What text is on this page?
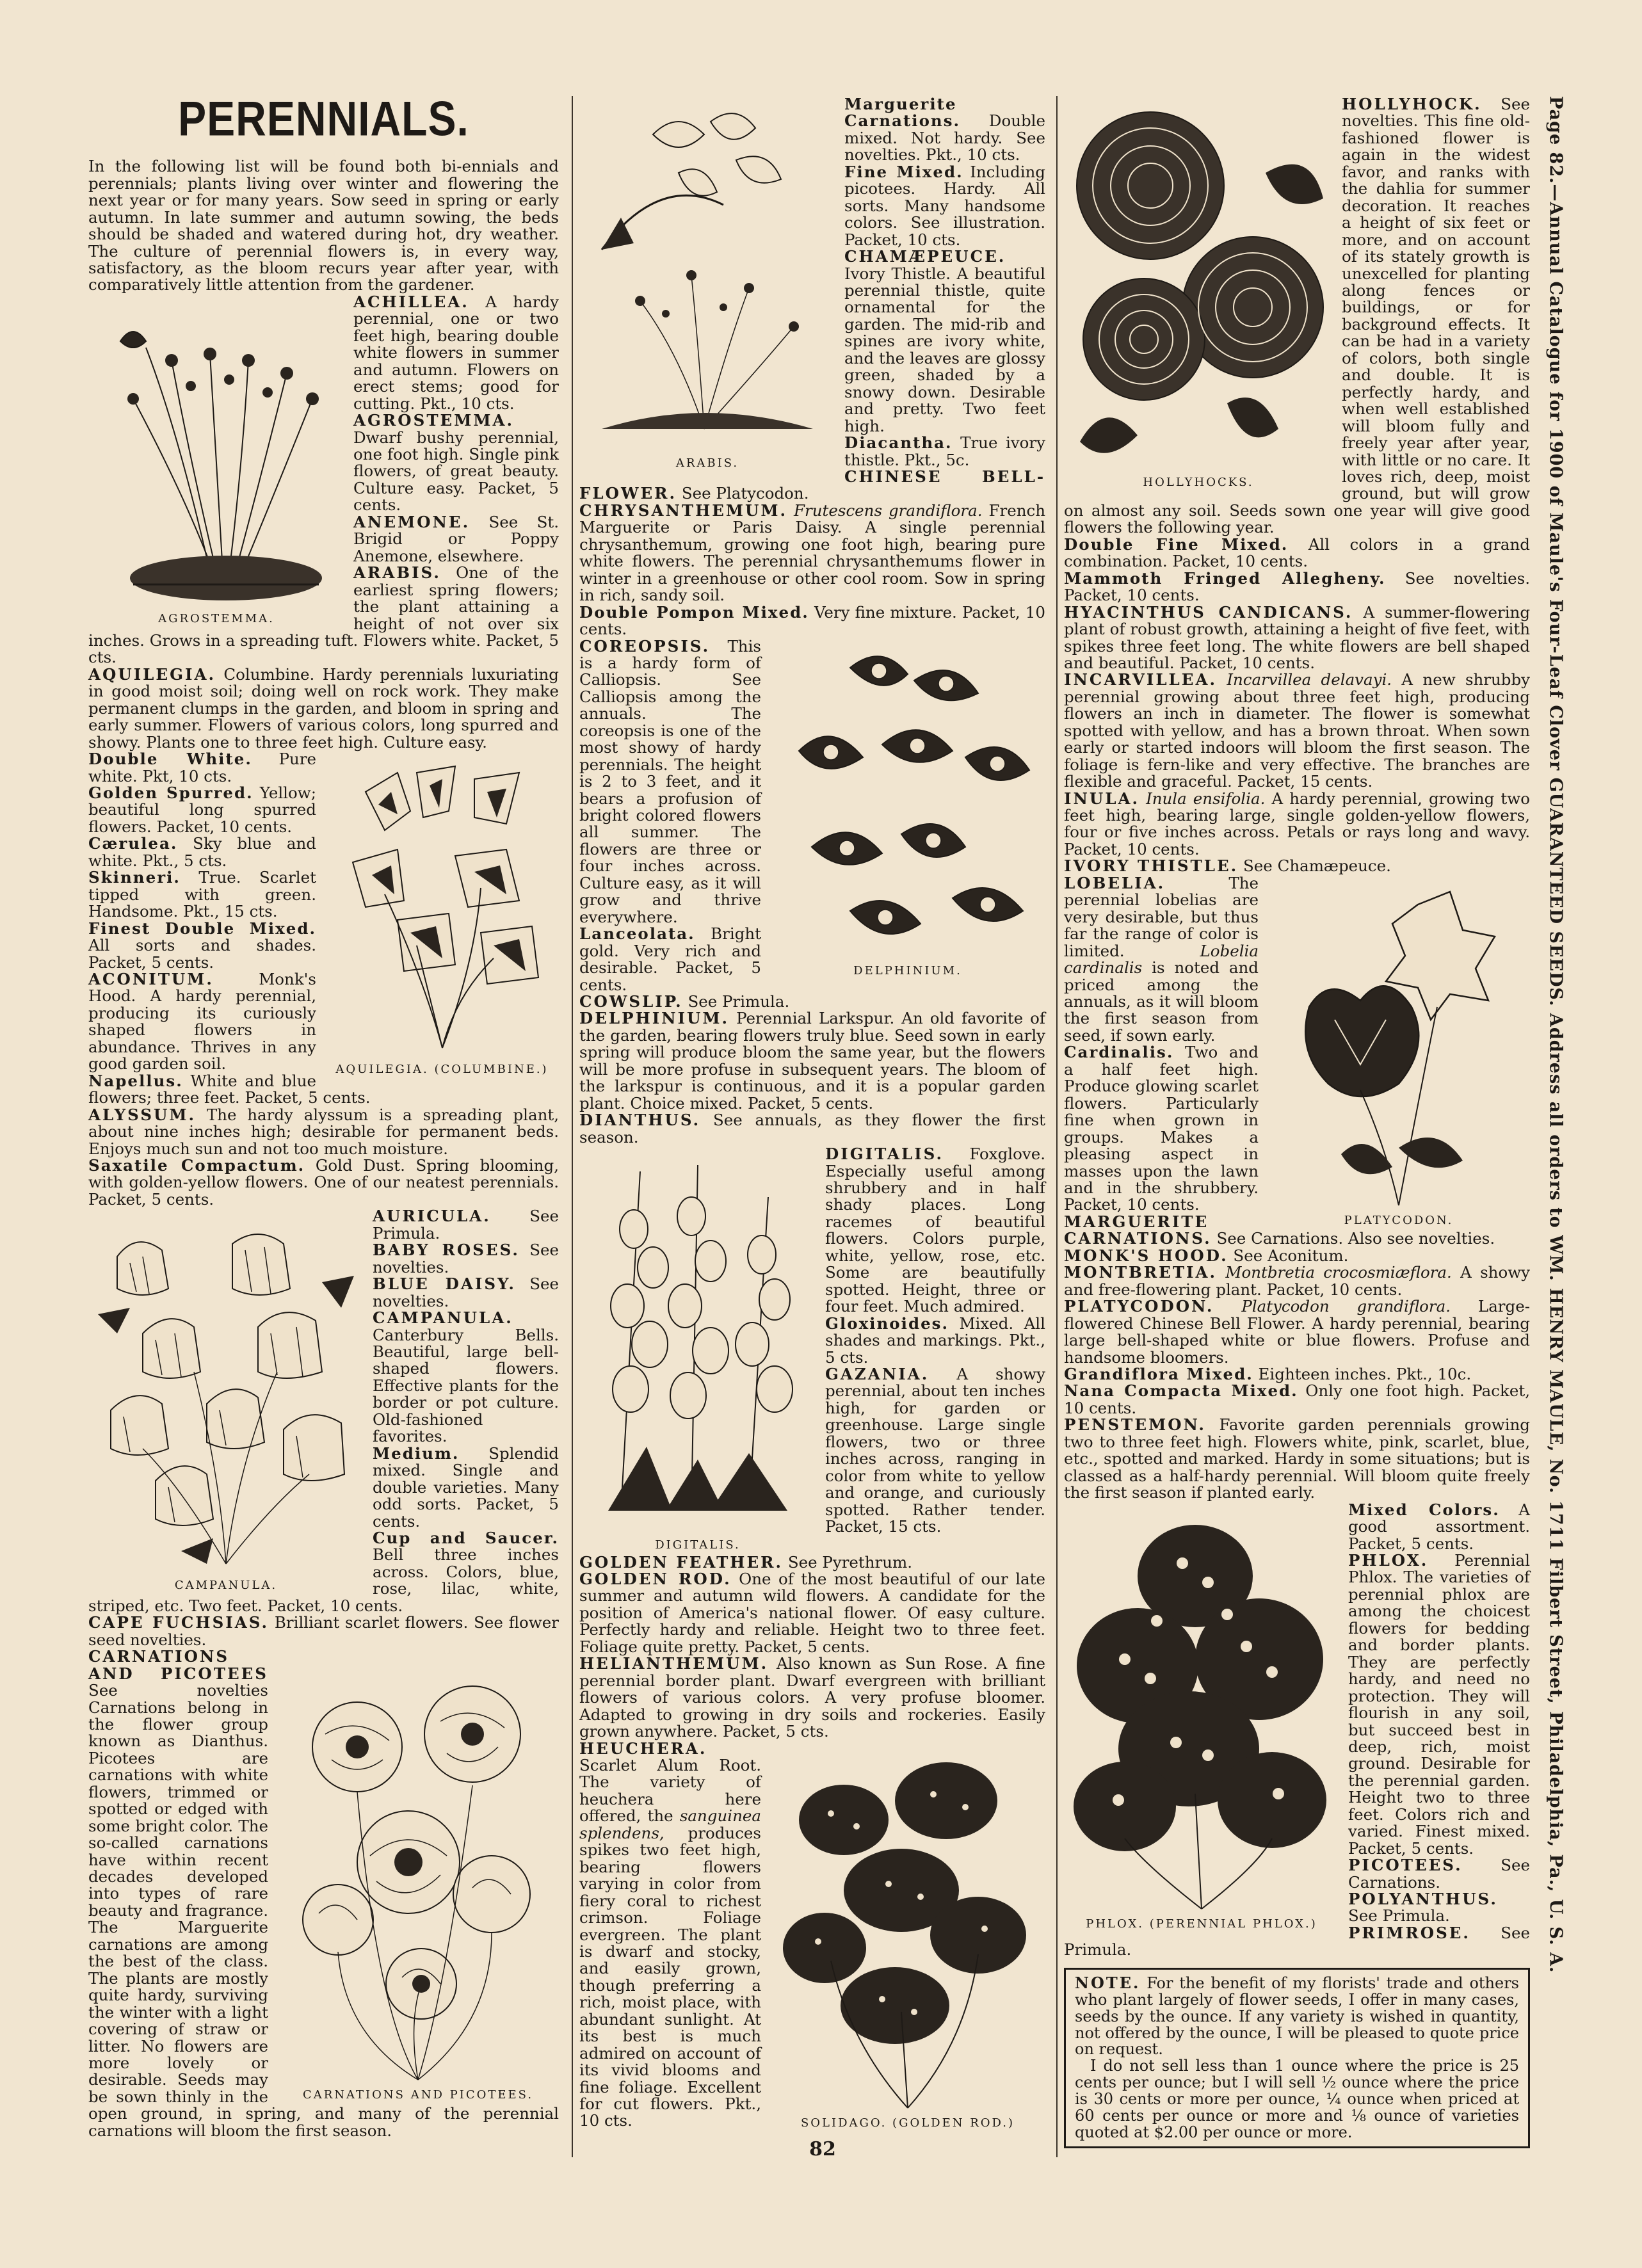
PERENNIALS.

In the following list will be found both bi-ennials and perennials; plants living over winter and flowering the next year or for many years. Sow seed in spring or early autumn. In late summer and autumn sowing, the beds should be shaded and watered during hot, dry weather. The culture of perennial flowers is, in every way, satisfactory, as the bloom recurs year after year, with comparatively little attention from the gardener.

AGROSTEMMA.

ACHILLEA. A hardy perennial, one or two feet high, bearing double white flowers in summer and autumn. Flowers on erect stems; good for cutting. Pkt., 10 cts.

AGROSTEMMA. Dwarf bushy perennial, one foot high. Single pink flowers, of great beauty. Culture easy. Packet, 5 cents.

ANEMONE. See St. Brigid or Poppy Anemone, elsewhere.

ARABIS. One of the earliest spring flowers; the plant attaining a height of not over six inches. Grows in a spreading tuft. Flowers white. Packet, 5 cts.

AQUILEGIA. Columbine. Hardy perennials luxuriating in good moist soil; doing well on rock work. They make permanent clumps in the garden, and bloom in spring and early summer. Flowers of various colors, long spurred and showy. Plants one to three feet high. Culture easy.

AQUILEGIA. (COLUMBINE.)

Double White. Pure white. Pkt, 10 cts.

Golden Spurred. Yellow; beautiful long spurred flowers. Packet, 10 cents.

Cærulea. Sky blue and white. Pkt., 5 cts.

Skinneri. True. Scarlet tipped with green. Handsome. Pkt., 15 cts.

Finest Double Mixed. All sorts and shades. Packet, 5 cents.

ACONITUM.	Monk's Hood. A hardy perennial, producing its curiously shaped flowers in abundance. Thrives in any good garden soil.

Napellus. White and blue flowers; three feet. Packet, 5 cents.

ALYSSUM. The hardy alyssum is a spreading plant, about nine inches high; desirable for permanent beds. Enjoys much sun and not too much moisture.

Saxatile Compactum. Gold Dust. Spring blooming, with golden-yellow flowers. One of our neatest perennials. Packet, 5 cents.

CAMPANULA.

AURICULA. See Primula.

BABY ROSES. See novelties.

BLUE DAISY. See novelties.

CAMPANULA. Canterbury Bells. Beautiful, large bell-shaped flowers. Effective plants for the border or pot culture. Old-fashioned favorites.

Medium. Splendid mixed. Single and double varieties. Many odd sorts. Packet, 5 cents.

Cup and Saucer. Bell three inches across. Colors, blue, rose, lilac, white, striped, etc. Two feet. Packet, 10 cents.

CAPE FUCHSIAS. Brilliant scarlet flowers. See flower seed novelties.

CARNATIONS AND PICOTEES.

CARNATIONS AND PICOTEES See novelties Carnations belong in the flower group known as Dianthus. Picotees are carnations with white flowers, trimmed or spotted or edged with some bright color. The so-called carnations have within recent decades developed into types of rare beauty and fragrance. The Marguerite carnations are among the best of the class. The plants are mostly quite hardy, surviving the winter with a light covering of straw or litter. No flowers are more lovely or desirable. Seeds may be sown thinly in the open ground, in spring, and many of the perennial carnations will bloom the first season.

ARABIS.

Marguerite Carnations. Double mixed. Not hardy. See novelties. Pkt., 10 cts.

Fine Mixed. Including picotees. Hardy. All sorts. Many handsome colors. See illustration. Packet, 10 cts.

CHAMÆPEUCE. Ivory Thistle. A beautiful perennial thistle, quite ornamental for the garden. The mid-rib and spines are ivory white, and the leaves are glossy green, shaded by a snowy down. Desirable and pretty. Two feet high.

Diacantha. True ivory thistle. Pkt., 5c.

CHINESE BELL-FLOWER. See Platycodon.

CHRYSANTHEMUM. Frutescens grandiflora. French Marguerite or Paris Daisy. A single perennial chrysanthemum, growing one foot high, bearing pure white flowers. The perennial chrysanthemums flower in winter in a greenhouse or other cool room. Sow in spring in rich, sandy soil.

Double Pompon Mixed. Very fine mixture. Packet, 10 cents.

DELPHINIUM.

COREOPSIS. This is a hardy form of Calliopsis. See Calliopsis among the annuals. The coreopsis is one of the most showy of hardy perennials. The height is 2 to 3 feet, and it bears a profusion of bright colored flowers all summer. The flowers are three or four inches across. Culture easy, as it will grow and thrive everywhere.

Lanceolata. Bright gold. Very rich and desirable. Packet, 5 cents.

COWSLIP. See Primula.

DELPHINIUM. Perennial Larkspur. An old favorite of the garden, bearing flowers truly blue. Seed sown in early spring will produce bloom the same year, but the flowers will be more profuse in subsequent years. The bloom of the larkspur is continuous, and it is a popular garden plant. Choice mixed. Packet, 5 cents.

DIANTHUS. See annuals, as they flower the first season.

DIGITALIS.

DIGITALIS. Foxglove. Especially useful among shrubbery and in half shady places. Long racemes of beautiful flowers. Colors purple, white, yellow, rose, etc. Some are beautifully spotted. Height, three or four feet. Much admired.

Gloxinoides. Mixed. All shades and markings. Pkt., 5 cts.

GAZANIA. A showy perennial, about ten inches high, for garden or greenhouse. Large single flowers, two or three inches across, ranging in color from white to yellow and orange, and curiously spotted. Rather tender. Packet, 15 cts.

GOLDEN FEATHER. See Pyrethrum.

GOLDEN ROD. One of the most beautiful of our late summer and autumn wild flowers. A candidate for the position of America's national flower. Of easy culture. Perfectly hardy and reliable. Height two to three feet. Foliage quite pretty. Packet, 5 cents.

HELIANTHEMUM. Also known as Sun Rose. A fine perennial border plant. Dwarf evergreen with brilliant flowers of various colors. A very profuse bloomer. Adapted to growing in dry soils and rockeries. Easily grown anywhere. Packet, 5 cts.

SOLIDAGO. (GOLDEN ROD.)

HEUCHERA. Scarlet Alum Root. The variety of heuchera here offered, the sanguinea splendens, produces spikes two feet high, bearing flowers varying in color from fiery coral to richest crimson. Foliage evergreen. The plant is dwarf and stocky, and easily grown, though preferring a rich, moist place, with abundant sunlight. At its best is much admired on account of its vivid blooms and fine foliage. Excellent for cut flowers. Pkt., 10 cts.

HOLLYHOCKS.

HOLLYHOCK. See novelties. This fine old-fashioned flower is again in the widest favor, and ranks with the dahlia for summer decoration. It reaches a height of six feet or more, and on account of its stately growth is unexcelled for planting along fences or buildings, or for background effects. It can be had in a variety of colors, both single and double. It is perfectly hardy, and when well established will bloom fully and freely year after year, with little or no care. It loves rich, deep, moist ground, but will grow on almost any soil. Seeds sown one year will give good flowers the following year.

Double Fine Mixed. All colors in a grand combination. Packet, 10 cents.

Mammoth Fringed Allegheny. See novelties. Packet, 10 cents.

HYACINTHUS CANDICANS. A summer-flowering plant of robust growth, attaining a height of five feet, with spikes three feet long. The white flowers are bell shaped and beautiful. Packet, 10 cents.

INCARVILLEA. Incarvillea delavayi. A new shrubby perennial growing about three feet high, producing flowers an inch in diameter. The flower is somewhat spotted with yellow, and has a brown throat. When sown early or started indoors will bloom the first season. The foliage is fern-like and very effective. The branches are flexible and graceful. Packet, 15 cents.

INULA. Inula ensifolia. A hardy perennial, growing two feet high, bearing large, single golden-yellow flowers, four or five inches across. Petals or rays long and wavy. Packet, 10 cents.

IVORY THISTLE. See Chamæpeuce.

PLATYCODON.

LOBELIA.	The perennial lobelias are very desirable, but thus far the range of color is limited.	Lobelia cardinalis is noted and priced among the annuals, as it will bloom the first season from seed, if sown early.

Cardinalis. Two and a half feet high. Produce glowing scarlet flowers. Particularly fine when grown in groups. Makes a pleasing aspect in masses upon the lawn and in the shrubbery. Packet, 10 cents.

MARGUERITE CARNATIONS. See Carnations. Also see novelties.

MONK'S HOOD. See Aconitum.

MONTBRETIA. Montbretia crocosmiæflora. A showy and free-flowering plant. Packet, 10 cents.

PLATYCODON. Platycodon grandiflora. Large-flowered Chinese Bell Flower. A hardy perennial, bearing large bell-shaped white or blue flowers. Profuse and handsome bloomers.

Grandiflora Mixed. Eighteen inches. Pkt., 10c.

Nana Compacta Mixed. Only one foot high. Packet, 10 cents.

PENSTEMON. Favorite garden perennials growing two to three feet high. Flowers white, pink, scarlet, blue, etc., spotted and marked. Hardy in some situations; but is classed as a half-hardy perennial. Will bloom quite freely the first season if planted early.

PHLOX. (PERENNIAL PHLOX.)

Mixed Colors. A good assortment. Packet, 5 cents.

PHLOX. Perennial Phlox. The varieties of perennial phlox are among the choicest flowers for bedding and border plants. They are perfectly hardy, and need no protection. They will flourish in any soil, but succeed best in deep, rich, moist ground. Desirable for the perennial garden. Height two to three feet. Colors rich and varied. Finest mixed. Packet, 5 cents.

PICOTEES. See Carnations.

POLYANTHUS. See Primula.

PRIMROSE. See Primula.

NOTE. For the benefit of my florists' trade and others who plant largely of flower seeds, I offer in many cases, seeds by the ounce. If any variety is wished in quantity, not offered by the ounce, I will be pleased to quote price on request.

I do not sell less than 1 ounce where the price is 25 cents per ounce; but I will sell ½ ounce where the price is 30 cents or more per ounce, ¼ ounce when priced at 60 cents per ounce or more and ⅛ ounce of varieties quoted at $2.00 per ounce or more.

Page 82.—Annual Catalogue for 1900 of Maule's Four-Leaf Clover GUARANTEED SEEDS. Address all orders to WM. HENRY MAULE, No. 1711 Filbert Street, Philadelphia, Pa., U. S. A.
82
